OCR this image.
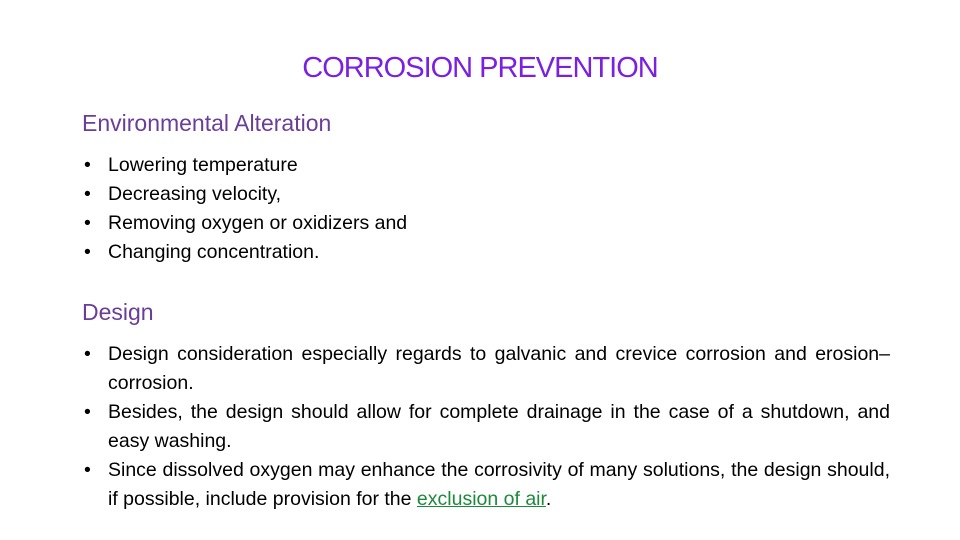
CORROSION PREVENTION
Environmental Alteration
• Lowering temperature
• Decreasing velocity,
• Removing oxygen or oxidizers and
• Changing concentration.
Design
• Design consideration especially regards to galvanic and crevice corrosion and erosion–corrosion.
• Besides, the design should allow for complete drainage in the case of a shutdown, and easy washing.
• Since dissolved oxygen may enhance the corrosivity of many solutions, the design should, if possible, include provision for the exclusion of air.
